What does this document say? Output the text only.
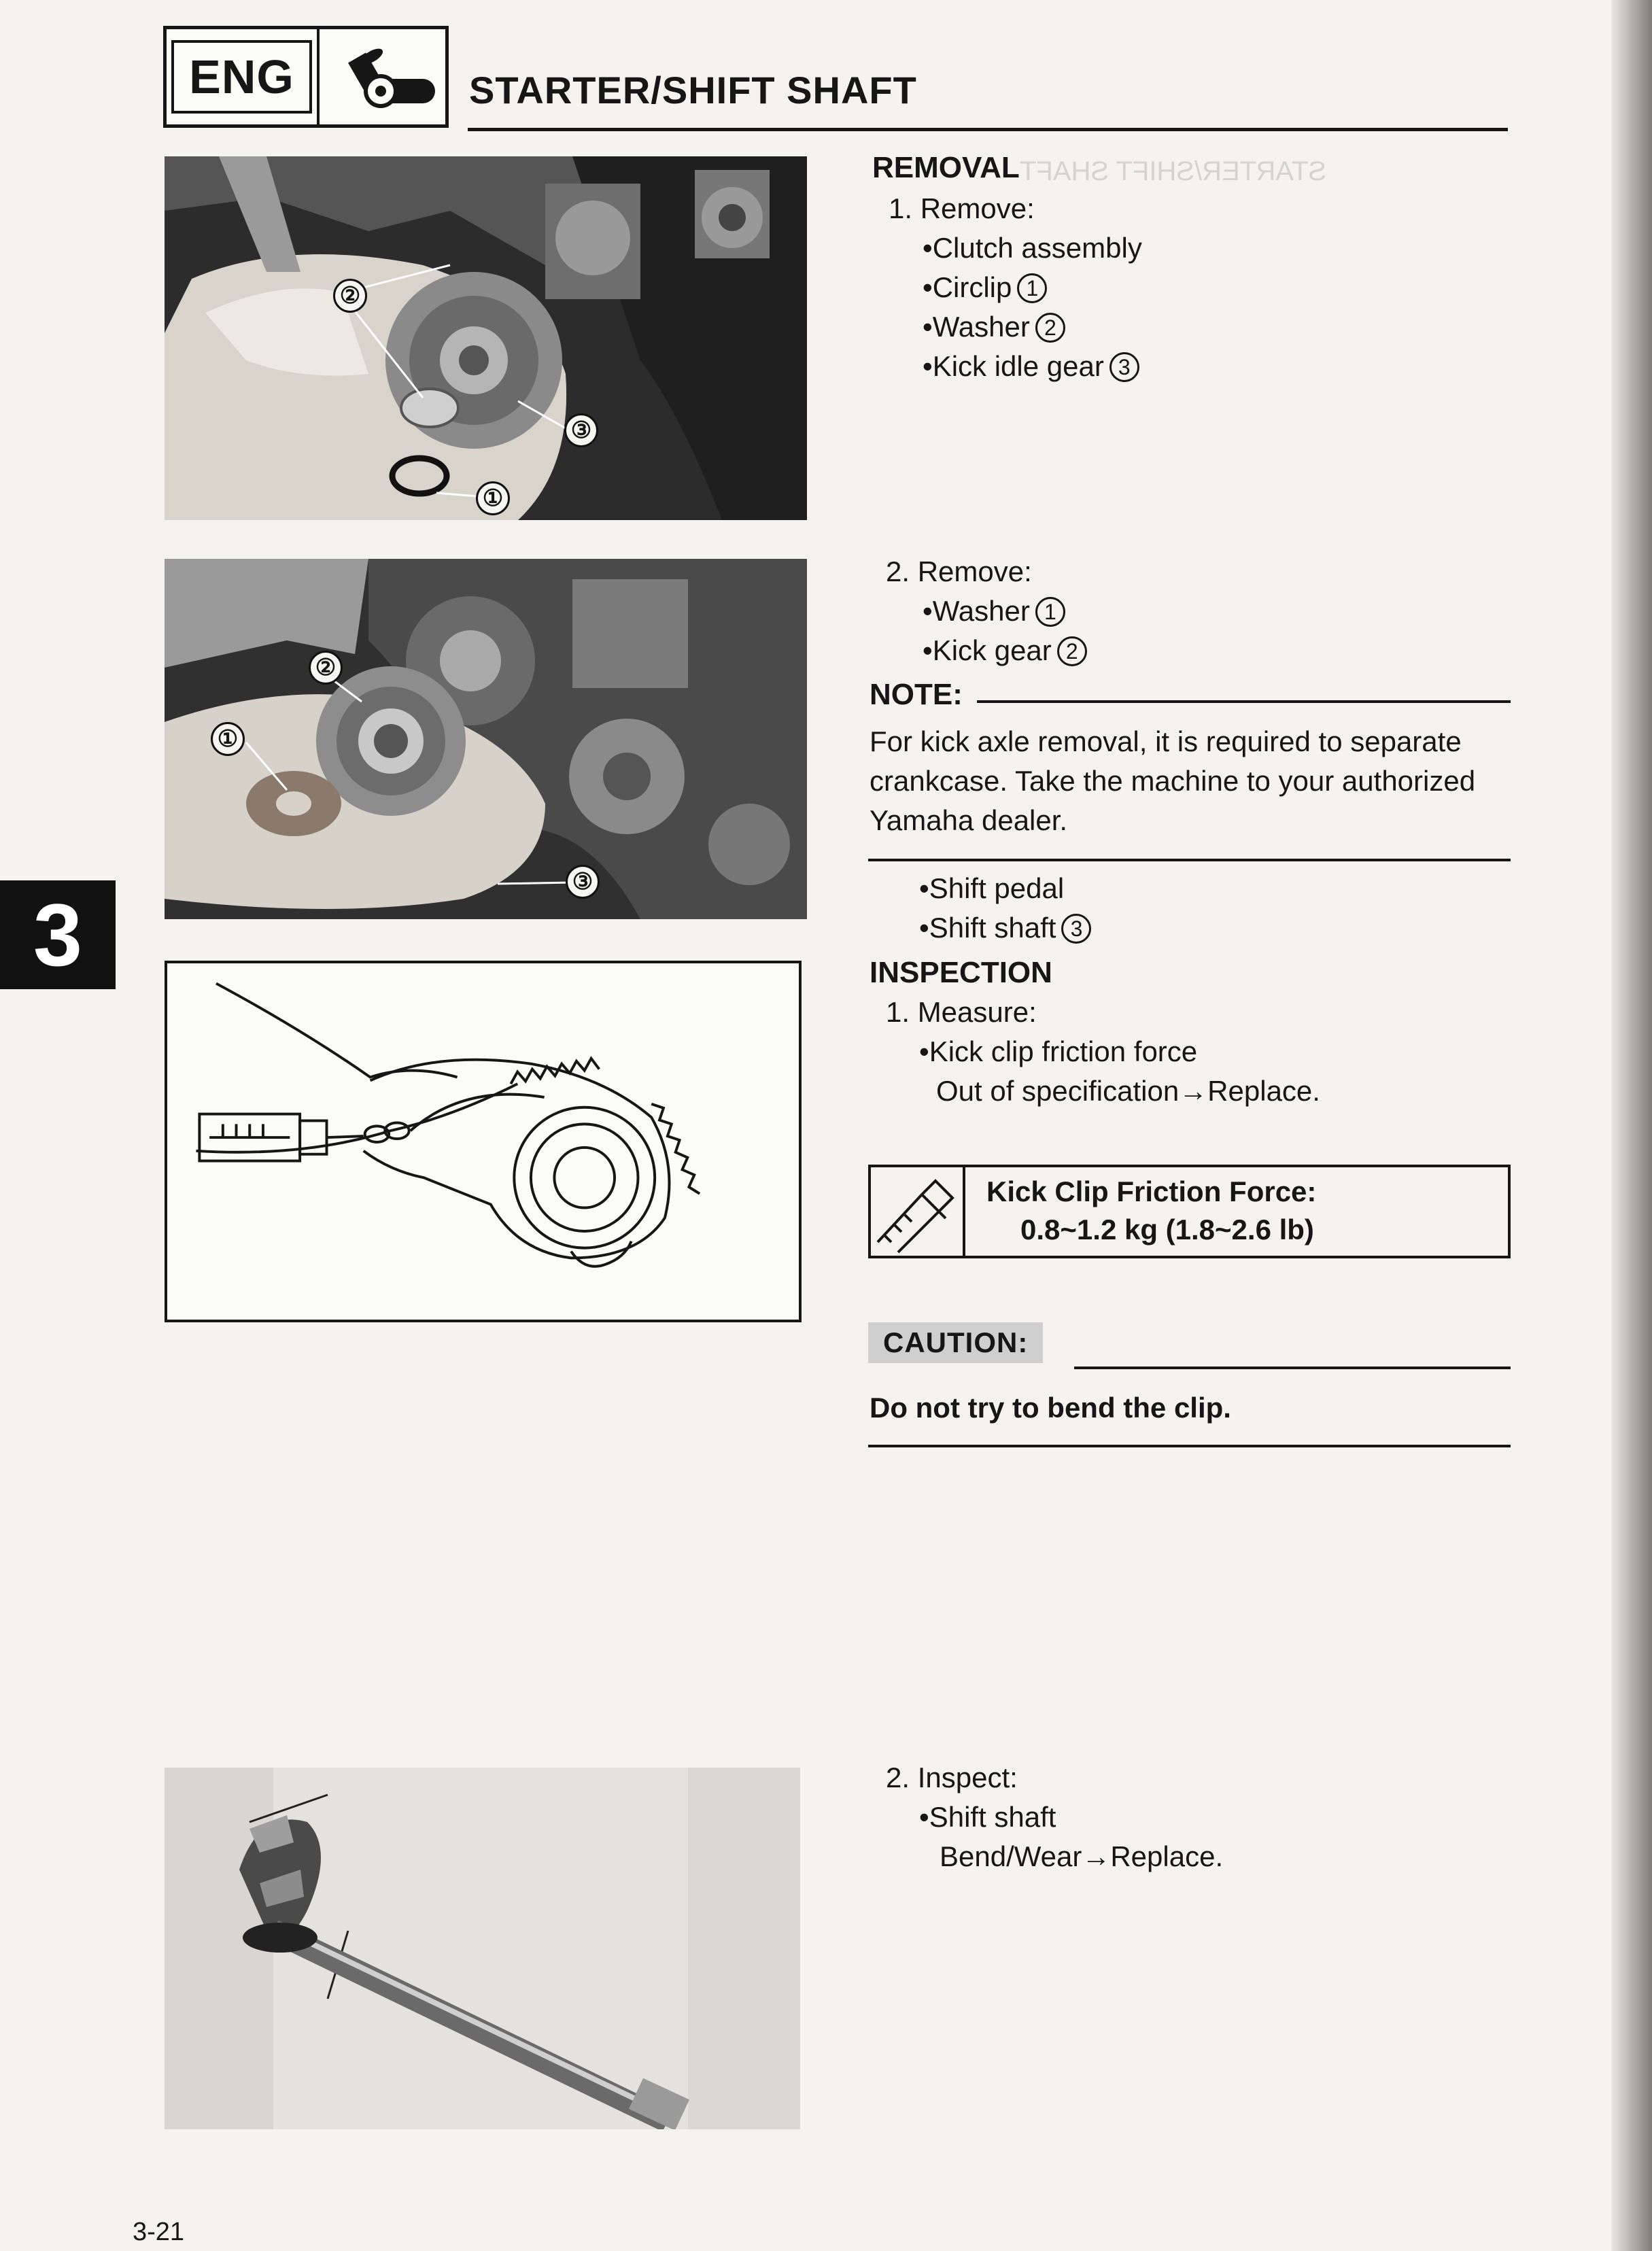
ENG	STARTER/SHIFT SHAFT
3
STARTER/SHIFT SHAFT
②
③
①
②
①
③
REMOVAL
1. Remove:
•Clutch assembly
•Circlip 1
•Washer 2
•Kick idle gear 3
2. Remove:
•Washer 1
•Kick gear 2
NOTE:
For kick axle removal, it is required to separate
crankcase. Take the machine to your authorized
Yamaha dealer.
•Shift pedal
•Shift shaft 3
INSPECTION
1. Measure:
•Kick clip friction force
Out of specification→Replace.
Kick Clip Friction Force:
0.8~1.2 kg (1.8~2.6 lb)
CAUTION:
Do not try to bend the clip.
2. Inspect:
•Shift shaft
Bend/Wear→Replace.
3-21
